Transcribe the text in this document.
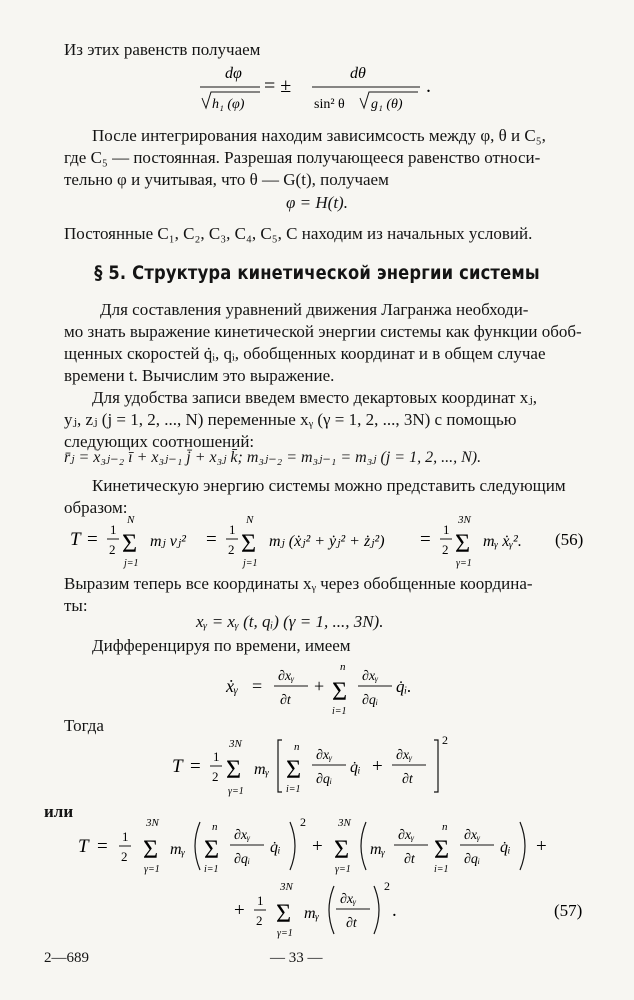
Из этих равенств получаем
dφ
h₁ (φ)
= ±
dθ
sin² θ g₁ (θ)
.
После интегрирования находим зависимсость между φ, θ и C₅,
где C₅ — постоянная. Разрешая получающееся равенство относи-
тельно φ и учитывая, что θ — G(t), получаем
φ = H(t).
Постоянные C₁, C₂, C₃, C₄, C₅, C находим из начальных условий.
§ 5. Структура кинетической энергии системы
Для составления уравнений движения Лагранжа необходи-
мо знать выражение кинетической энергии системы как функции обоб-
щенных скоростей q̇ᵢ, qᵢ, обобщенных координат и в общем случае
времени t. Вычислим это выражение.
Для удобства записи введем вместо декартовых координат xⱼ,
yⱼ, zⱼ (j = 1, 2, ..., N) переменные xᵧ (γ = 1, 2, ..., 3N) с помощью
следующих соотношений:
r̄ⱼ = x₃ⱼ₋₂ ī + x₃ⱼ₋₁ j̄ + x₃ⱼ k̄; m₃ⱼ₋₂ = m₃ⱼ₋₁ = m₃ⱼ (j = 1, 2, ..., N).
Кинетическую энергию системы можно представить следующим
образом:
T = 1
2
N
Σ
j=1
mⱼ vⱼ² = 1
2
N
Σ
j=1
mⱼ (ẋⱼ² + ẏⱼ² + żⱼ²) = 1
2
3N
Σ
γ=1
mᵧ ẋᵧ². (56)
Выразим теперь все координаты xᵧ через обобщенные координа-
ты:
xᵧ = xᵧ (t, qᵢ) (γ = 1, ..., 3N).
Дифференцируя по времени, имеем
ẋᵧ = ∂xᵧ
∂t
+
n
Σ
i=1
∂xᵧ
∂qᵢ
q̇ᵢ.
Тогда
T = 1
2
3N
Σ
γ=1
mᵧ
n
Σ
i=1
∂xᵧ
∂qᵢ
q̇ᵢ +
∂xᵧ
∂t
2
или
T = 1
2
3N
Σ
γ=1
mᵧ
n
Σ
i=1
∂xᵧ
∂qᵢ
q̇ᵢ
2
+
3N
Σ
γ=1
mᵧ
∂xᵧ
∂t
n
Σ
i=1
∂xᵧ
∂qᵢ
q̇ᵢ +
+ 1
2
3N
Σ
γ=1
mᵧ
∂xᵧ
∂t
2
.	(57)
2—689	— 33 —
